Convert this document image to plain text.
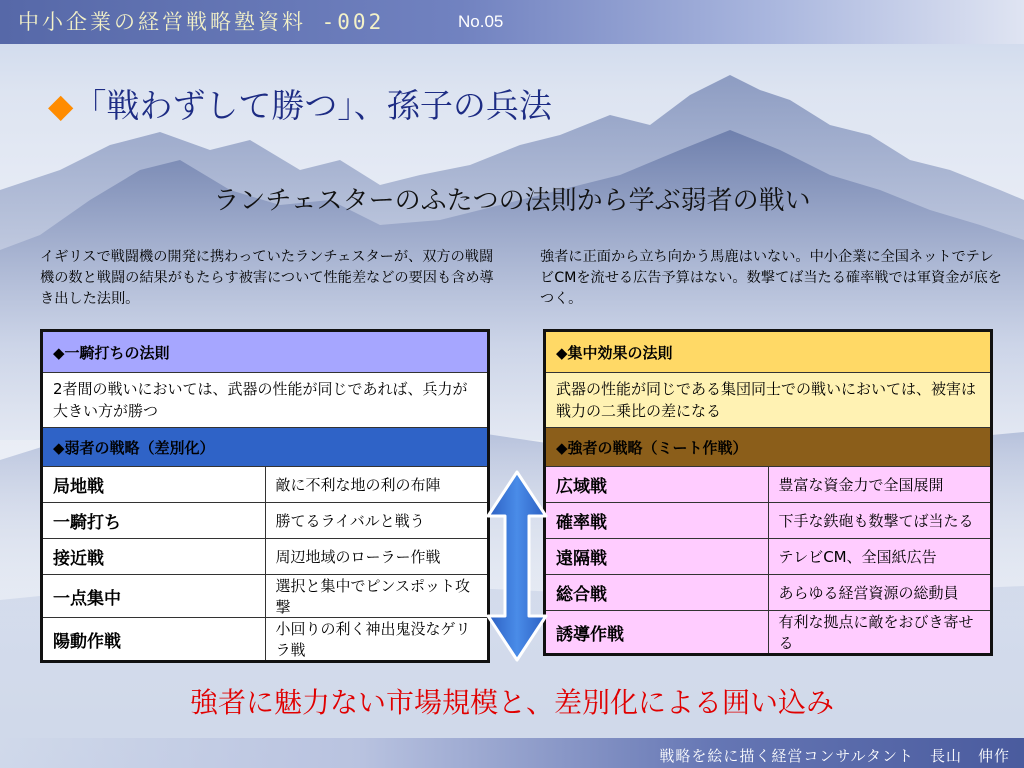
中小企業の経営戦略塾資料 -002	No.05
◆「戦わずして勝つ」、孫子の兵法
ランチェスターのふたつの法則から学ぶ弱者の戦い
イギリスで戦闘機の開発に携わっていたランチェスターが、双方の戦闘機の数と戦闘の結果がもたらす被害について性能差などの要因も含め導き出した法則。
強者に正面から立ち向かう馬鹿はいない。中小企業に全国ネットでテレビCMを流せる広告予算はない。数撃てば当たる確率戦では軍資金が底をつく。
◆一騎打ちの法則	
2者間の戦いにおいては、武器の性能が同じであれば、兵力が大きい方が勝つ	
◆弱者の戦略（差別化）	
局地戦	敵に不利な地の利の布陣
一騎打ち	勝てるライバルと戦う
接近戦	周辺地域のローラー作戦
一点集中	選択と集中でピンスポット攻撃
陽動作戦	小回りの利く神出鬼没なゲリラ戦
◆集中効果の法則	
武器の性能が同じである集団同士での戦いにおいては、被害は戦力の二乗比の差になる	
◆強者の戦略（ミート作戦）	
広域戦	豊富な資金力で全国展開
確率戦	下手な鉄砲も数撃てば当たる
遠隔戦	テレビCM、全国紙広告
総合戦	あらゆる経営資源の総動員
誘導作戦	有利な拠点に敵をおびき寄せる
強者に魅力ない市場規模と、差別化による囲い込み
戦略を絵に描く経営コンサルタント　長山　伸作
